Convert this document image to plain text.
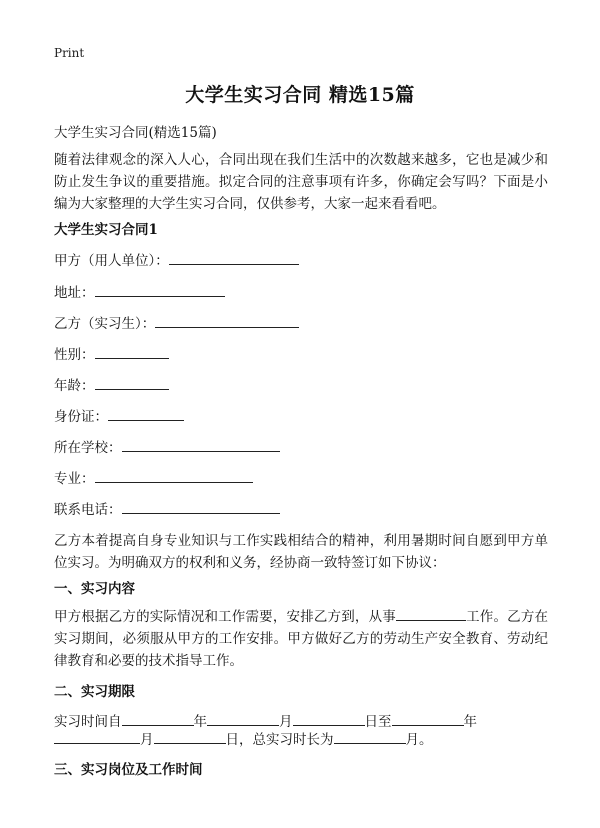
Print
大学生实习合同 精选15篇
大学生实习合同(精选15篇)
随着法律观念的深入人心，合同出现在我们生活中的次数越来越多，它也是减少和防止发生争议的重要措施。拟定合同的注意事项有许多，你确定会写吗？下面是小编为大家整理的大学生实习合同，仅供参考，大家一起来看看吧。
大学生实习合同1
甲方（用人单位）：
地址：
乙方（实习生）：
性别：
年龄：
身份证：
所在学校：
专业：
联系电话：
乙方本着提高自身专业知识与工作实践相结合的精神，利用暑期时间自愿到甲方单位实习。为明确双方的权利和义务，经协商一致特签订如下协议：
一、实习内容
甲方根据乙方的实际情况和工作需要，安排乙方到，从事	工作。乙方在实习期间，必须服从甲方的工作安排。甲方做好乙方的劳动生产安全教育、劳动纪律教育和必要的技术指导工作。
二、实习期限
实习时间自	年	月	日至	年
月	日，总实习时长为	月。
三、实习岗位及工作时间
